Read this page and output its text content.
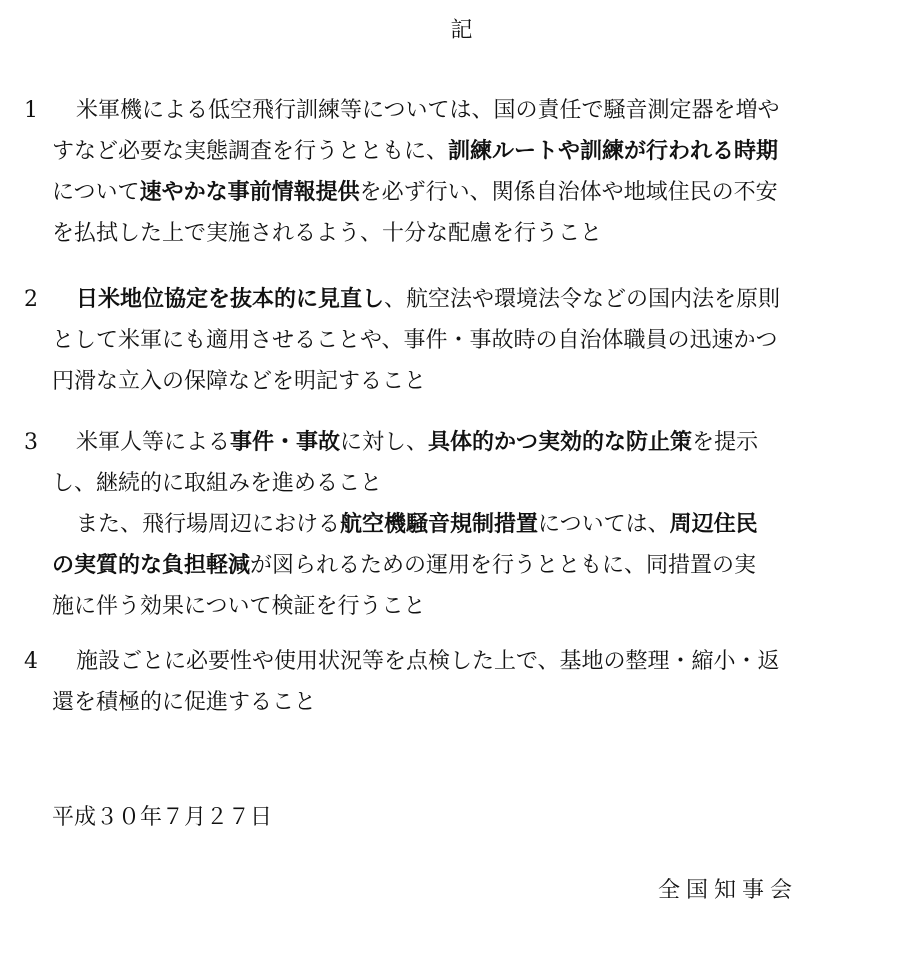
記
1 米軍機による低空飛行訓練等については、国の責任で騒音測定器を増や
すなど必要な実態調査を行うとともに、訓練ルートや訓練が行われる時期
について速やかな事前情報提供を必ず行い、関係自治体や地域住民の不安
を払拭した上で実施されるよう、十分な配慮を行うこと
2 日米地位協定を抜本的に見直し、航空法や環境法令などの国内法を原則
として米軍にも適用させることや、事件・事故時の自治体職員の迅速かつ
円滑な立入の保障などを明記すること
3 米軍人等による事件・事故に対し、具体的かつ実効的な防止策を提示
し、継続的に取組みを進めること
また、飛行場周辺における航空機騒音規制措置については、周辺住民
の実質的な負担軽減が図られるための運用を行うとともに、同措置の実
施に伴う効果について検証を行うこと
4 施設ごとに必要性や使用状況等を点検した上で、基地の整理・縮小・返
還を積極的に促進すること
平成３０年７月２７日
全国知事会
